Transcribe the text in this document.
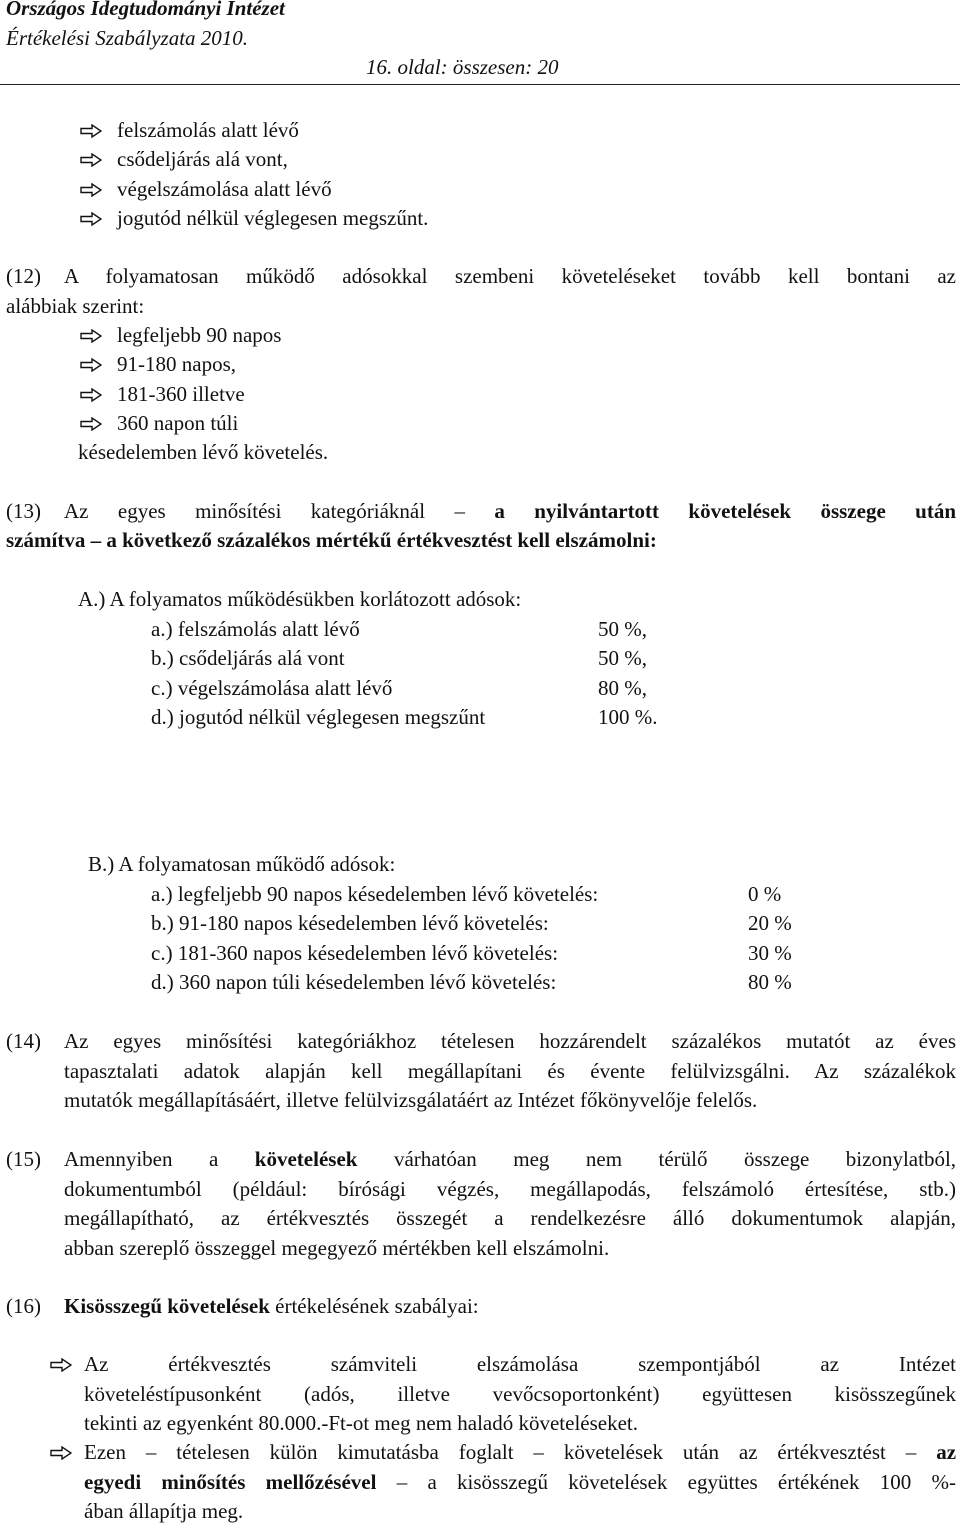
Országos Idegtudományi Intézet
Értékelési Szabályzata 2010.
16. oldal: összesen: 20
felszámolás alatt lévő
csődeljárás alá vont,
végelszámolása alatt lévő
jogutód nélkül véglegesen megszűnt.
(12) A folyamatosan működő adósokkal szembeni követeléseket tovább kell bontani az
alábbiak szerint:
legfeljebb 90 napos
91-180 napos,
181-360 illetve
360 napon túli
késedelemben lévő követelés.
(13) Az egyes minősítési kategóriáknál – a nyilvántartott követelések összege után
számítva – a következő százalékos mértékű értékvesztést kell elszámolni:
A.) A folyamatos működésükben korlátozott adósok:
a.) felszámolás alatt lévő	50 %,
b.) csődeljárás alá vont	50 %,
c.) végelszámolása alatt lévő	80 %,
d.) jogutód nélkül véglegesen megszűnt	100 %.
B.) A folyamatosan működő adósok:
a.) legfeljebb 90 napos késedelemben lévő követelés:	0 %
b.) 91-180 napos késedelemben lévő követelés:	20 %
c.) 181-360 napos késedelemben lévő követelés:	30 %
d.) 360 napon túli késedelemben lévő követelés:	80 %
(14) Az egyes minősítési kategóriákhoz tételesen hozzárendelt százalékos mutatót az éves
tapasztalati adatok alapján kell megállapítani és évente felülvizsgálni. Az százalékok
mutatók megállapításáért, illetve felülvizsgálatáért az Intézet főkönyvelője felelős.
(15) Amennyiben a követelések várhatóan meg nem térülő összege bizonylatból,
dokumentumból (például: bírósági végzés, megállapodás, felszámoló értesítése, stb.)
megállapítható, az értékvesztés összegét a rendelkezésre álló dokumentumok alapján,
abban szereplő összeggel megegyező mértékben kell elszámolni.
(16) Kisösszegű követelések értékelésének szabályai:
Az értékvesztés számviteli elszámolása szempontjából az Intézet
követeléstípusonként (adós, illetve vevőcsoportonként) együttesen kisösszegűnek
tekinti az egyenként 80.000.-Ft-ot meg nem haladó követeléseket.
Ezen – tételesen külön kimutatásba foglalt – követelések után az értékvesztést – az
egyedi minősítés mellőzésével – a kisösszegű követelések együttes értékének 100 %-
ában állapítja meg.
